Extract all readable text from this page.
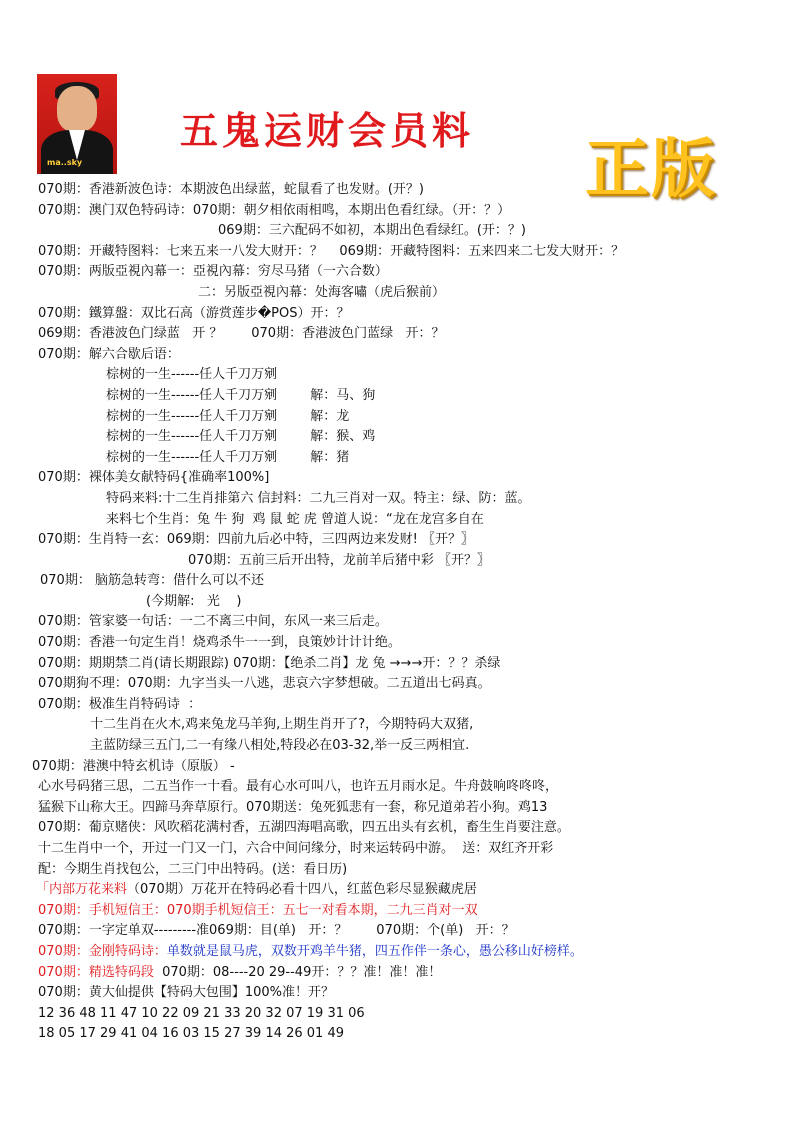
ma..sky
五鬼运财会员料
正版
070期：香港新波色诗：本期波色出绿蓝，蛇鼠看了也发财。(开？)
070期：澳门双色特码诗：070期：朝夕相依雨相鸣，本期出色看红绿。（开：？）
069期：三六配码不如初，本期出色看绿红。(开：？)
070期：开藏特图料：七来五来一八发大财开：？    069期：开藏特图料：五来四来二七发大财开：？
070期：两版亞視內幕一：亞視內幕：穷尽马猪（一六合数）
二：另版亞視內幕：处海客嘯（虎后猴前）
070期：鐵算盤：双比石高（游赏莲步�POS）开：？
069期：香港波色门绿蓝   开 ？       070期：香港波色门蓝绿   开：？
070期：解六合歇后语：
棕树的一生------任人千刀万剜
棕树的一生------任人千刀万剜        解：马、狗
棕树的一生------任人千刀万剜        解：龙
棕树的一生------任人千刀万剜        解：猴、鸡
棕树的一生------任人千刀万剜        解：猪
070期：裸体美女献特码{准确率100%]
特码来料:十二生肖排第六 信封料：二九三肖对一双。特主：绿、防：蓝。
来料七个生肖：兔 牛 狗  鸡 鼠 蛇 虎 曾道人说：“龙在龙宫多自在
070期：生肖特一玄：069期：四前九后必中特，三四两边来发财! 〖开？〗
070期：五前三后开出特，龙前羊后猪中彩 〖开？〗
070期： 脑筋急转弯：借什么可以不还
(今期解:   光    )
070期：管家婆一句话：一二不离三中间，东风一来三后走。
070期：香港一句定生肖！烧鸡杀牛一一到，良策妙计计计绝。
070期：期期禁二肖(请长期跟踪) 070期：【绝杀二肖】龙 兔 →→→开：？？杀绿
070期狗不理：070期：九字当头一八逃，悲哀六字梦想破。二五道出七码真。
070期：极准生肖特码诗  ：
十二生肖在火木,鸡来兔龙马羊狗,上期生肖开了?，今期特码大双猪,
主蓝防绿三五门,二一有缘八相处,特段必在03-32,举一反三两相宜.
070期：港澳中特玄机诗（原版） -
心水号码猪三思，二五当作一十看。最有心水可叫八，也许五月雨水足。牛舟鼓响咚咚咚，
猛猴下山称大王。四蹄马奔草原行。070期送：兔死狐悲有一套，称兄道弟若小狗。鸡13
070期：葡京赌侠：风吹稻花满村香，五湖四海唱高歌，四五出头有玄机，畜生生肖要注意。
十二生肖中一个，开过一门又一门，六合中间问缘分，时来运转码中游。  送：双红齐开彩
配：今期生肖找包公，二三门中出特码。(送：看日历)
「内部万花来料（070期）万花开在特码必看十四八，红蓝色彩尽显猴藏虎居
070期：手机短信王：070期手机短信王：五七一对看本期，二九三肖对一双
070期：一字定单双---------准069期：目(单)   开：？       070期：个(单)   开：？
070期：金刚特码诗：单数就是鼠马虎，双数开鸡羊牛猪，四五作伴一条心，愚公移山好榜样。
070期：精选特码段  070期：08----20 29--49开：？？准！准！准！
070期：黄大仙提供【特码大包围】100%准！开？
12 36 48 11 47 10 22 09 21 33 20 32 07 19 31 06
18 05 17 29 41 04 16 03 15 27 39 14 26 01 49
